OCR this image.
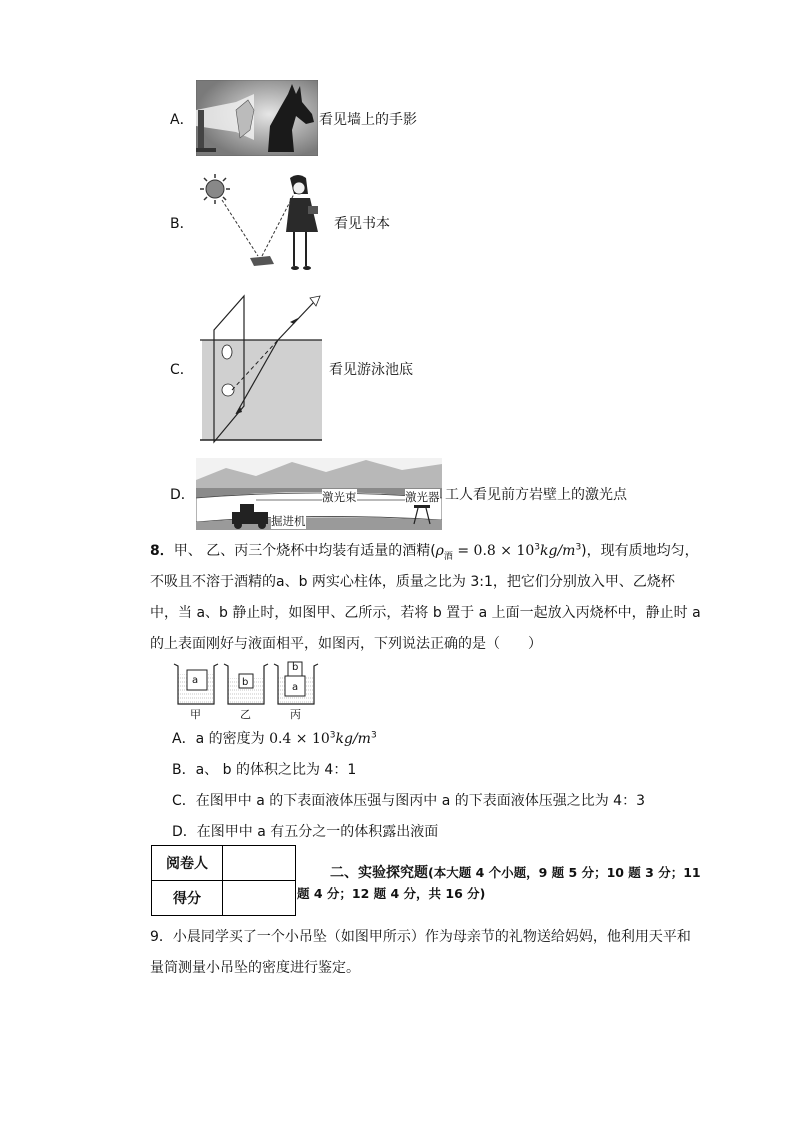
A．	看见墙上的手影
B．	看见书本
C．	看见游泳池底
D．	激光束	激光器
掘进机
工人看见前方岩壁上的激光点
8．甲、 乙、丙三个烧杯中均装有适量的酒精$(\rho_酒 = 0.8 \times 10^3kg/m^3)$，现有质地均匀，
不吸且不溶于酒精的a、b 两实心柱体，质量之比为 3:1，把它们分别放入甲、乙烧杯
中，当 a、b 静止时，如图甲、乙所示，若将 b 置于 a 上面一起放入丙烧杯中，静止时 a
的上表面刚好与液面相平，如图丙，下列说法正确的是（　　）
a	b
b
a
甲	乙	丙
A．a 的密度为 $0.4 \times 10^3kg/m^3$
B．a、 b 的体积之比为 4：1
C．在图甲中 a 的下表面液体压强与图丙中 a 的下表面液体压强之比为 4：3
D．在图甲中 a 有五分之一的体积露出液面
阅卷人	
得分	
二、实验探究题(本大题 4 个小题，9 题 5 分；10 题 3 分；11
题 4 分；12 题 4 分，共 16 分)
9．小晨同学买了一个小吊坠（如图甲所示）作为母亲节的礼物送给妈妈，他利用天平和
量筒测量小吊坠的密度进行鉴定。
